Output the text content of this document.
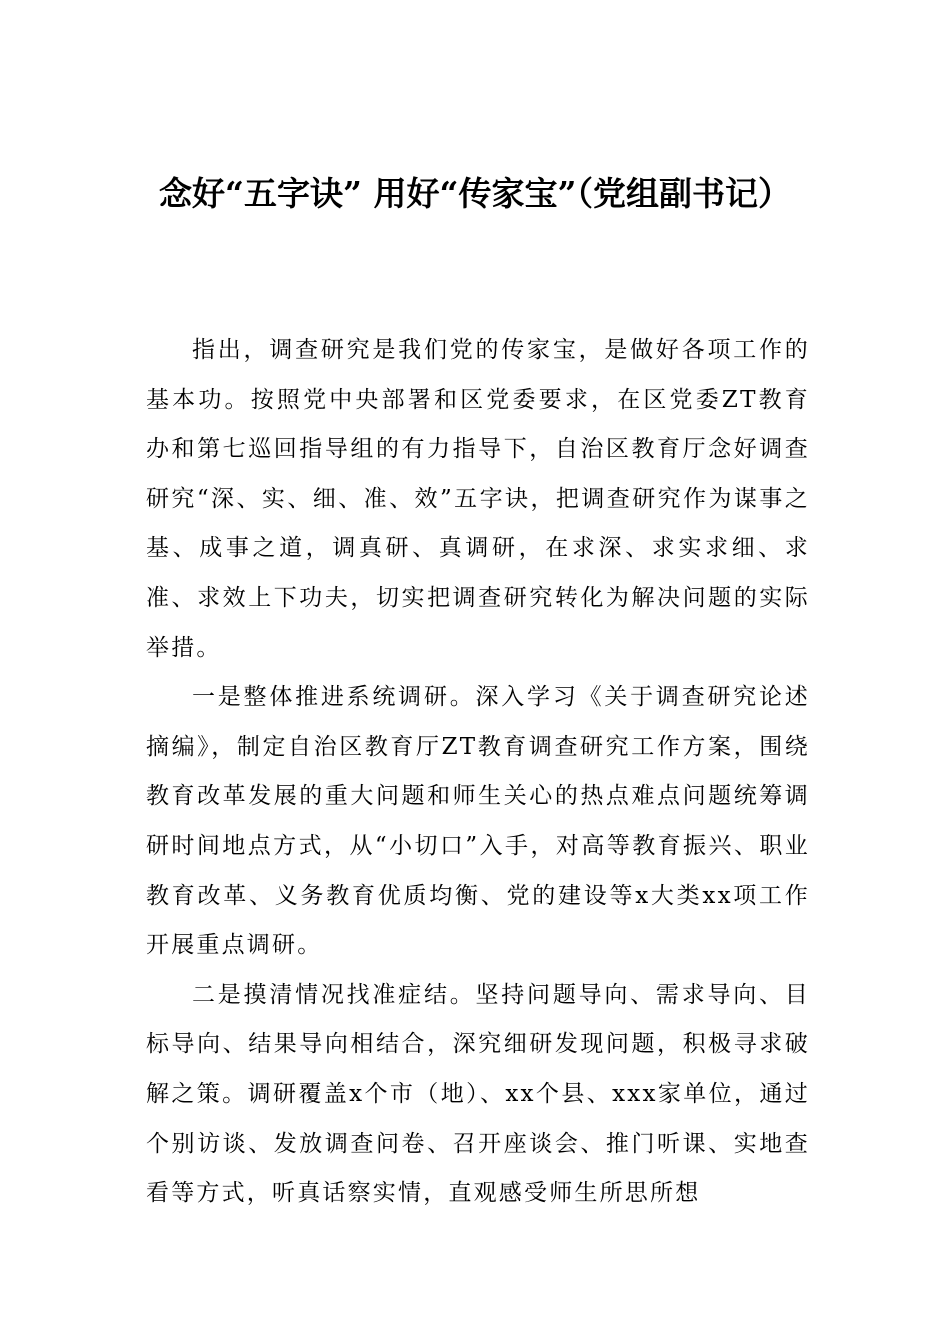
念好“五字诀” 用好“传家宝”（党组副书记）

指出，调查研究是我们党的传家宝，是做好各项工作的基本功。按照党中央部署和区党委要求，在区党委ZT教育办和第七巡回指导组的有力指导下，自治区教育厅念好调查研究“深、实、细、准、效”五字诀，把调查研究作为谋事之基、成事之道，调真研、真调研，在求深、求实求细、求准、求效上下功夫，切实把调查研究转化为解决问题的实际举措。

一是整体推进系统调研。深入学习《关于调查研究论述摘编》，制定自治区教育厅ZT教育调查研究工作方案，围绕教育改革发展的重大问题和师生关心的热点难点问题统筹调研时间地点方式，从“小切口”入手，对高等教育振兴、职业教育改革、义务教育优质均衡、党的建设等x大类xx项工作开展重点调研。

二是摸清情况找准症结。坚持问题导向、需求导向、目标导向、结果导向相结合，深究细研发现问题，积极寻求破解之策。调研覆盖x个市（地）、xx个县、xxx家单位，通过个别访谈、发放调查问卷、召开座谈会、推门听课、实地查看等方式，听真话察实情，直观感受师生所思所想
